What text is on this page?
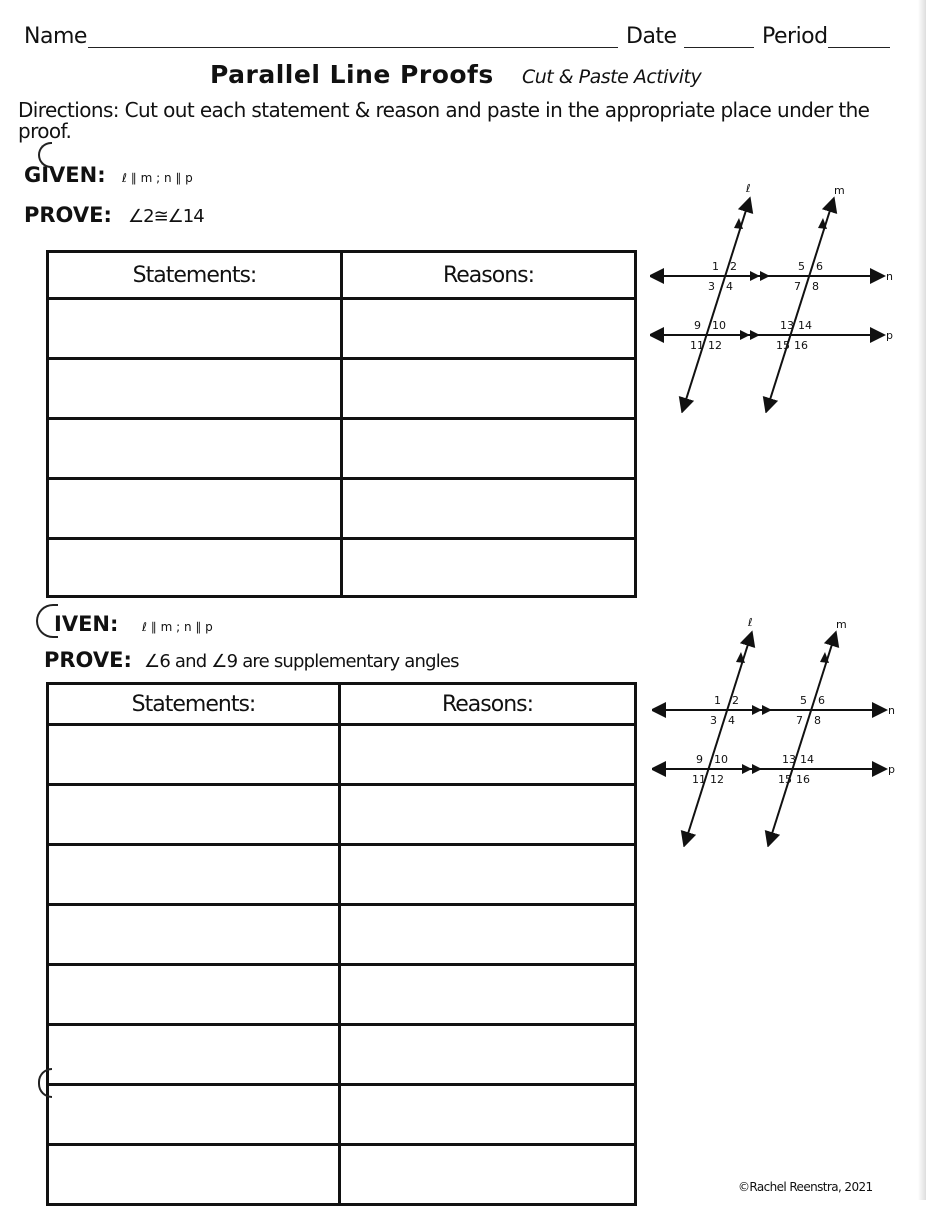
Name	Date	Period
Parallel Line Proofs Cut & Paste Activity
Directions: Cut out each statement & reason and paste in the appropriate place under the proof.
GIVEN: ℓ ∥ m ; n ∥ p
PROVE: ∠2≅∠14
Statements:	Reasons:

ℓ	m
n
p
1 2
3 4
5 6
7 8
9 10
11 12
13 14
15 16
IVEN: ℓ ∥ m ; n ∥ p
PROVE: ∠6 and ∠9 are supplementary angles
Statements:	Reasons:

ℓ	m
n
p
1 2
3 4
5 6
7 8
9 10
11 12
13 14
15 16
©Rachel Reenstra, 2021
